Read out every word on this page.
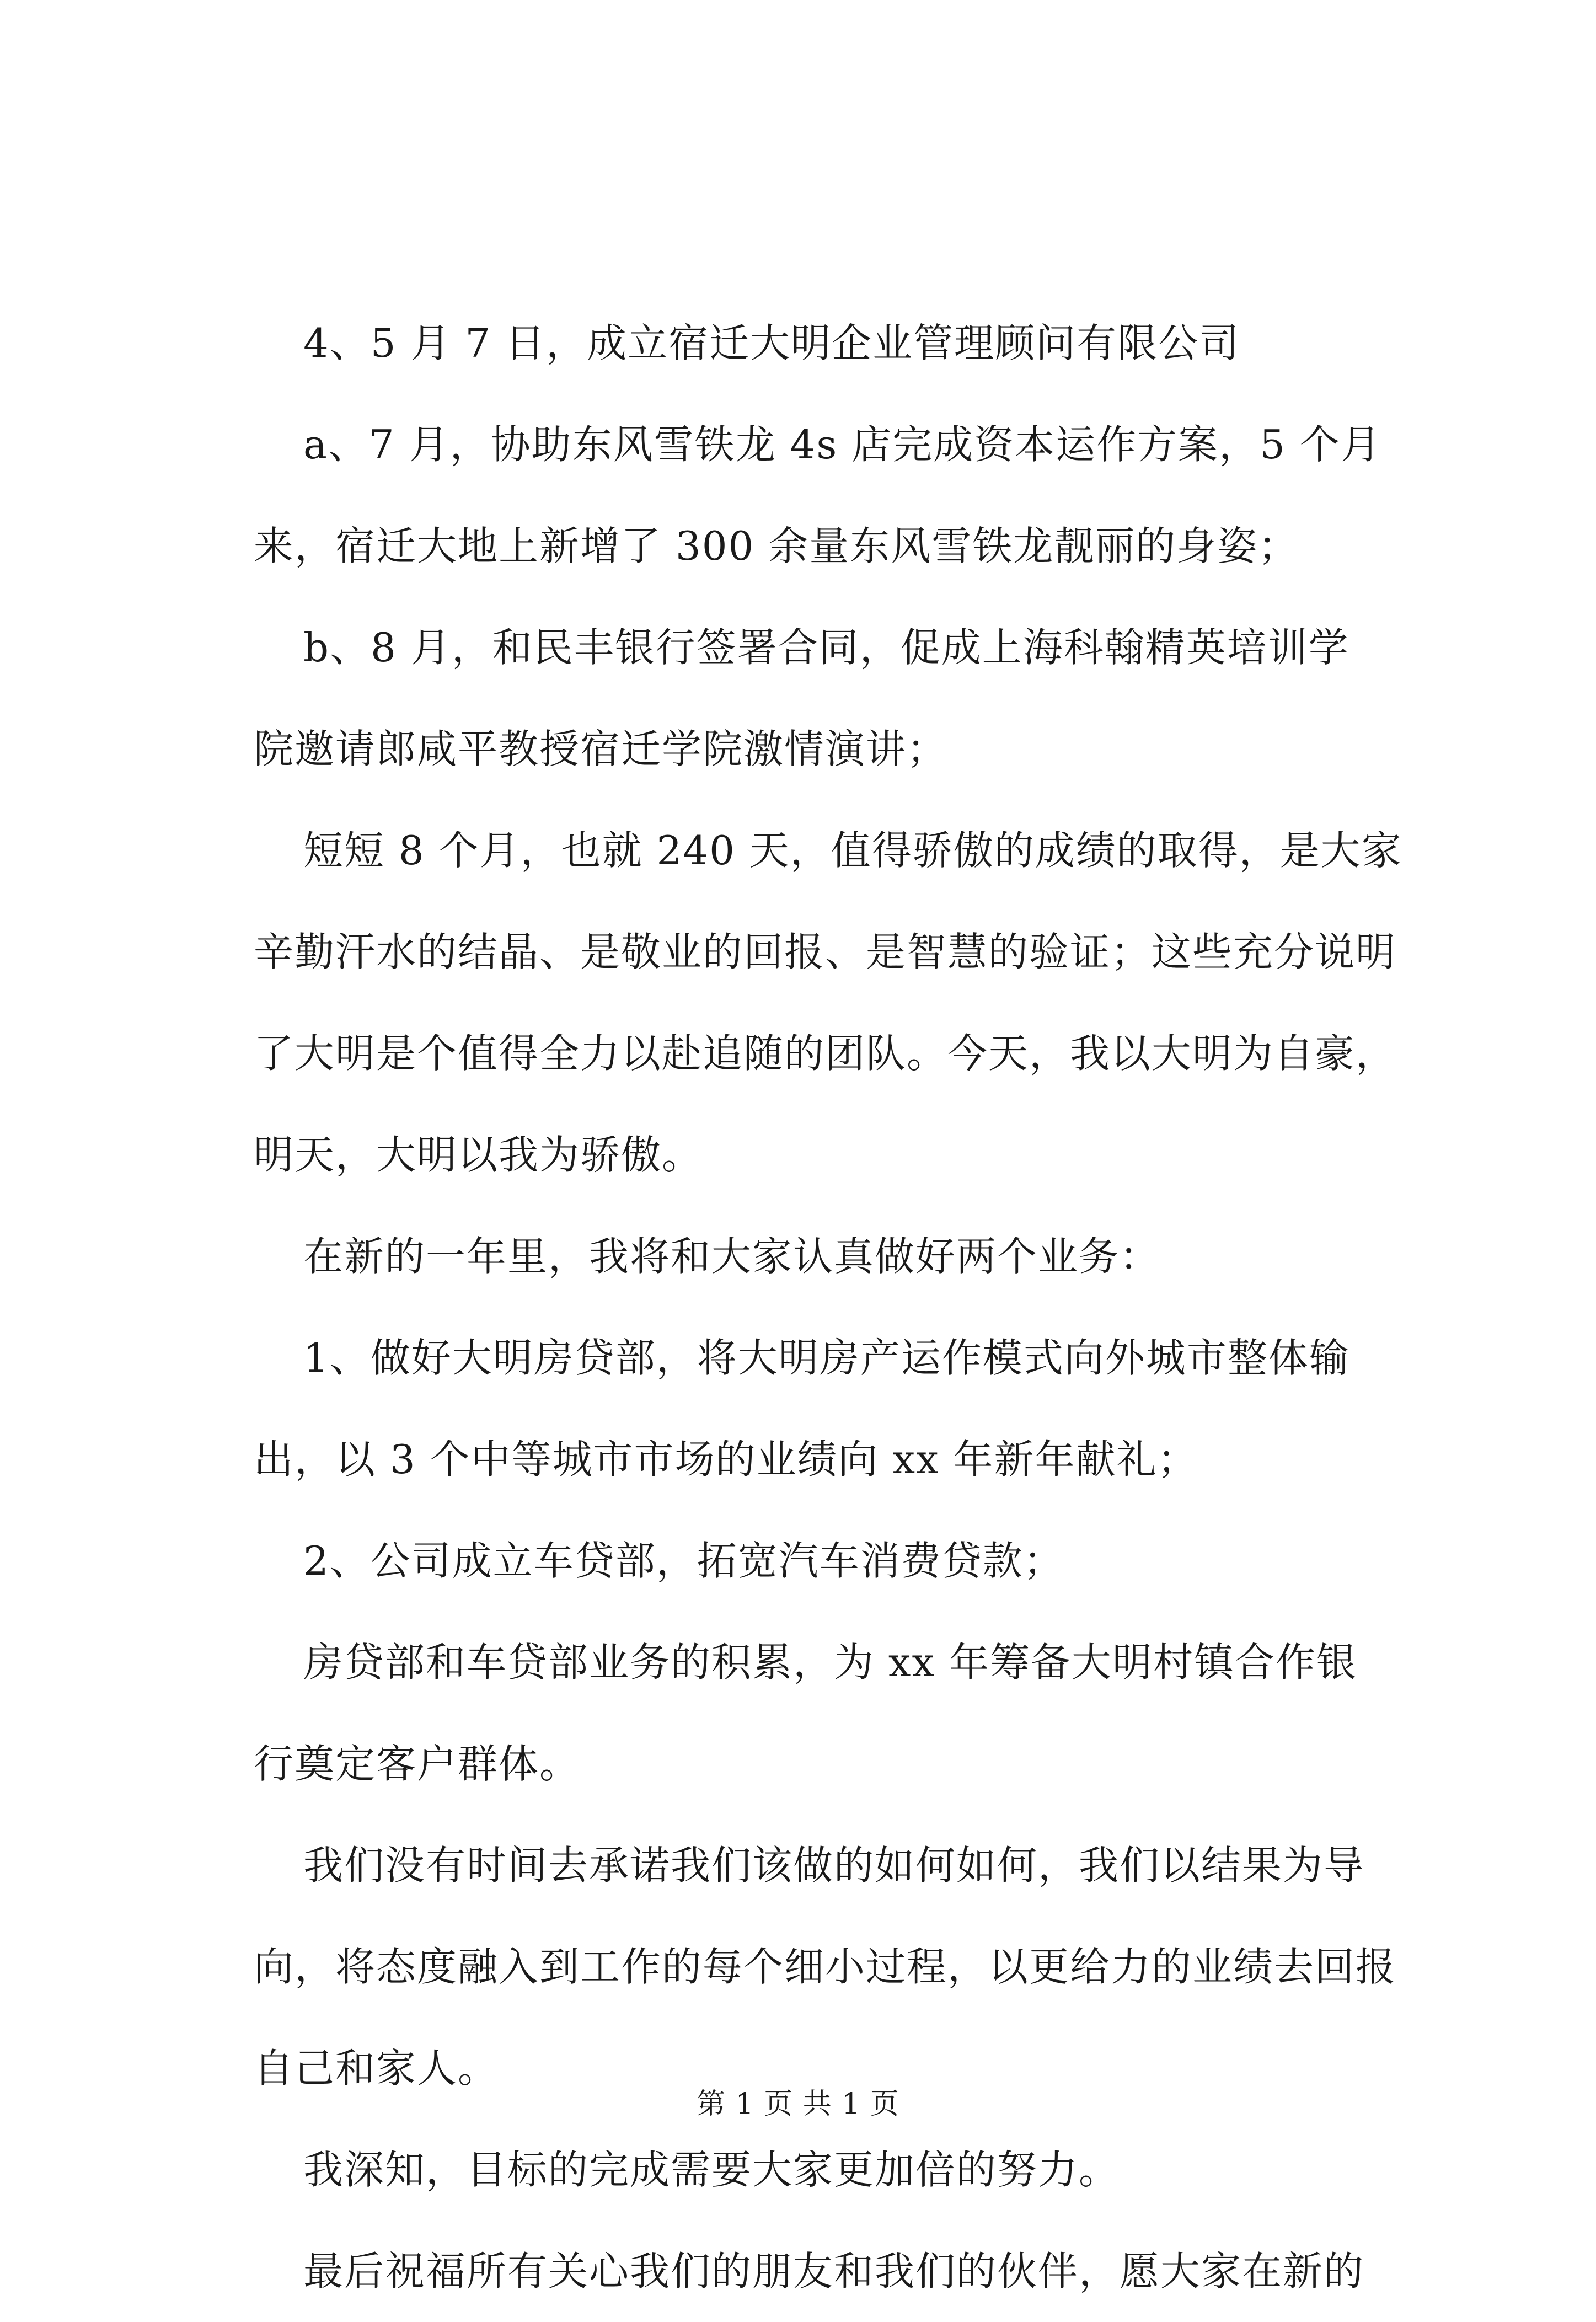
4、5 月 7 日，成立宿迁大明企业管理顾问有限公司
a、7 月，协助东风雪铁龙 4s 店完成资本运作方案，5 个月
来，宿迁大地上新增了 300 余量东风雪铁龙靓丽的身姿；
b、8 月，和民丰银行签署合同，促成上海科翰精英培训学
院邀请郎咸平教授宿迁学院激情演讲；
短短 8 个月，也就 240 天，值得骄傲的成绩的取得，是大家
辛勤汗水的结晶、是敬业的回报、是智慧的验证；这些充分说明
了大明是个值得全力以赴追随的团队。今天，我以大明为自豪，
明天，大明以我为骄傲。
在新的一年里，我将和大家认真做好两个业务：
1、做好大明房贷部，将大明房产运作模式向外城市整体输
出，以 3 个中等城市市场的业绩向 xx 年新年献礼；
2、公司成立车贷部，拓宽汽车消费贷款；
房贷部和车贷部业务的积累，为 xx 年筹备大明村镇合作银
行奠定客户群体。
我们没有时间去承诺我们该做的如何如何，我们以结果为导
向，将态度融入到工作的每个细小过程，以更给力的业绩去回报
自己和家人。
我深知，目标的完成需要大家更加倍的努力。
最后祝福所有关心我们的朋友和我们的伙伴，愿大家在新的
第 1 页 共 1 页
